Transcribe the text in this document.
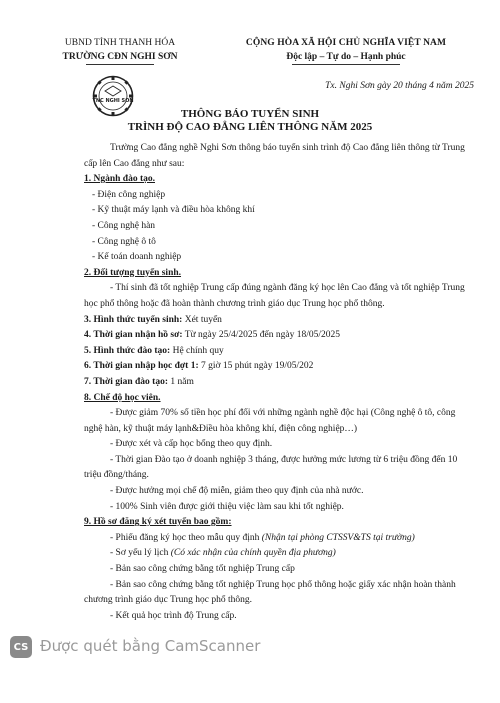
UBND TỈNH THANH HÓA
TRƯỜNG CĐN NGHI SƠN
CỘNG HÒA XÃ HỘI CHỦ NGHĨA VIỆT NAM
Độc lập – Tự do – Hạnh phúc
TNC NGHI SON
Tx. Nghi Sơn gày 20 tháng 4 năm 2025
THÔNG BÁO TUYỂN SINH
TRÌNH ĐỘ CAO ĐẲNG LIÊN THÔNG NĂM 2025

Trường Cao đẳng nghề Nghi Sơn thông báo tuyển sinh trình độ Cao đẳng liên thông từ Trung cấp lên Cao đẳng như sau:

1. Ngành đào tạo.

- Điện công nghiệp

- Kỹ thuật máy lạnh và điều hòa không khí

- Công nghệ hàn

- Công nghệ ô tô

- Kế toán doanh nghiệp

2. Đối tượng tuyển sinh.

- Thí sinh đã tốt nghiệp Trung cấp đúng ngành đăng ký học lên Cao đẳng và tốt nghiệp Trung học phổ thông hoặc đã hoàn thành chương trình giáo dục Trung học phổ thông.

3. Hình thức tuyển sinh: Xét tuyển

4. Thời gian nhận hồ sơ: Từ ngày 25/4/2025 đến ngày 18/05/2025

5. Hình thức đào tạo: Hệ chính quy

6. Thời gian nhập học đợt 1: 7 giờ 15 phút ngày 19/05/202

7. Thời gian đào tạo: 1 năm

8. Chế độ học viên.

- Được giảm 70% số tiền học phí đối với những ngành nghề độc hại (Công nghệ ô tô, công nghệ hàn, kỹ thuật máy lạnh&Điều hòa không khí, điện công nghiệp…)

- Được xét và cấp học bổng theo quy định.

- Thời gian Đào tạo ở doanh nghiệp 3 tháng, được hưởng mức lương từ 6 triệu đồng đến 10 triệu đồng/tháng.

- Được hưởng mọi chế độ miễn, giảm theo quy định của nhà nước.

- 100% Sinh viên được giới thiệu việc làm sau khi tốt nghiệp.

9. Hồ sơ đăng ký xét tuyển bao gồm:

- Phiếu đăng ký học theo mẫu quy định (Nhận tại phòng CTSSV&TS tại trường)

- Sơ yếu lý lịch (Có xác nhận của chính quyền địa phương)

- Bản sao công chứng bằng tốt nghiệp Trung cấp

- Bản sao công chứng bằng tốt nghiệp Trung học phổ thông hoặc giấy xác nhận hoàn thành chương trình giáo dục Trung học phổ thông.

- Kết quả học trình độ Trung cấp.

CS Được quét bằng CamScanner
